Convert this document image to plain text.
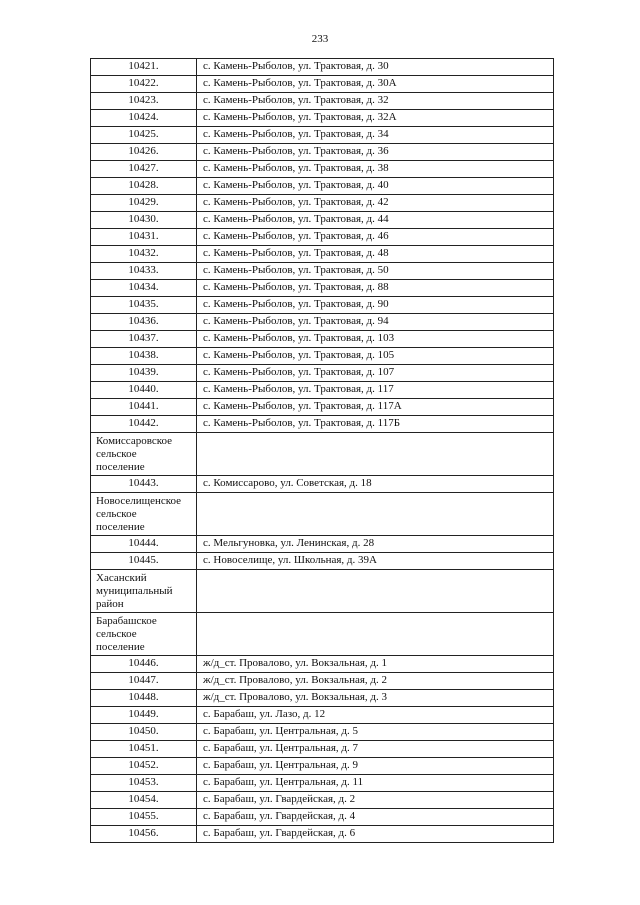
233
10421.	с. Камень-Рыболов, ул. Трактовая, д. 30
10422.	с. Камень-Рыболов, ул. Трактовая, д. 30А
10423.	с. Камень-Рыболов, ул. Трактовая, д. 32
10424.	с. Камень-Рыболов, ул. Трактовая, д. 32А
10425.	с. Камень-Рыболов, ул. Трактовая, д. 34
10426.	с. Камень-Рыболов, ул. Трактовая, д. 36
10427.	с. Камень-Рыболов, ул. Трактовая, д. 38
10428.	с. Камень-Рыболов, ул. Трактовая, д. 40
10429.	с. Камень-Рыболов, ул. Трактовая, д. 42
10430.	с. Камень-Рыболов, ул. Трактовая, д. 44
10431.	с. Камень-Рыболов, ул. Трактовая, д. 46
10432.	с. Камень-Рыболов, ул. Трактовая, д. 48
10433.	с. Камень-Рыболов, ул. Трактовая, д. 50
10434.	с. Камень-Рыболов, ул. Трактовая, д. 88
10435.	с. Камень-Рыболов, ул. Трактовая, д. 90
10436.	с. Камень-Рыболов, ул. Трактовая, д. 94
10437.	с. Камень-Рыболов, ул. Трактовая, д. 103
10438.	с. Камень-Рыболов, ул. Трактовая, д. 105
10439.	с. Камень-Рыболов, ул. Трактовая, д. 107
10440.	с. Камень-Рыболов, ул. Трактовая, д. 117
10441.	с. Камень-Рыболов, ул. Трактовая, д. 117А
10442.	с. Камень-Рыболов, ул. Трактовая, д. 117Б

Комиссаровское
сельское
поселение	

10443.	с. Комиссарово, ул. Советская, д. 18

Новоселищенское
сельское
поселение	

10444.	с. Мельгуновка, ул. Ленинская, д. 28
10445.	с. Новоселище, ул. Школьная, д. 39А

Хасанский
муниципальный
район	

Барабашское
сельское
поселение	

10446.	ж/д_ст. Провалово, ул. Вокзальная, д. 1
10447.	ж/д_ст. Провалово, ул. Вокзальная, д. 2
10448.	ж/д_ст. Провалово, ул. Вокзальная, д. 3
10449.	с. Барабаш, ул. Лазо, д. 12
10450.	с. Барабаш, ул. Центральная, д. 5
10451.	с. Барабаш, ул. Центральная, д. 7
10452.	с. Барабаш, ул. Центральная, д. 9
10453.	с. Барабаш, ул. Центральная, д. 11
10454.	с. Барабаш, ул. Гвардейская, д. 2
10455.	с. Барабаш, ул. Гвардейская, д. 4
10456.	с. Барабаш, ул. Гвардейская, д. 6
